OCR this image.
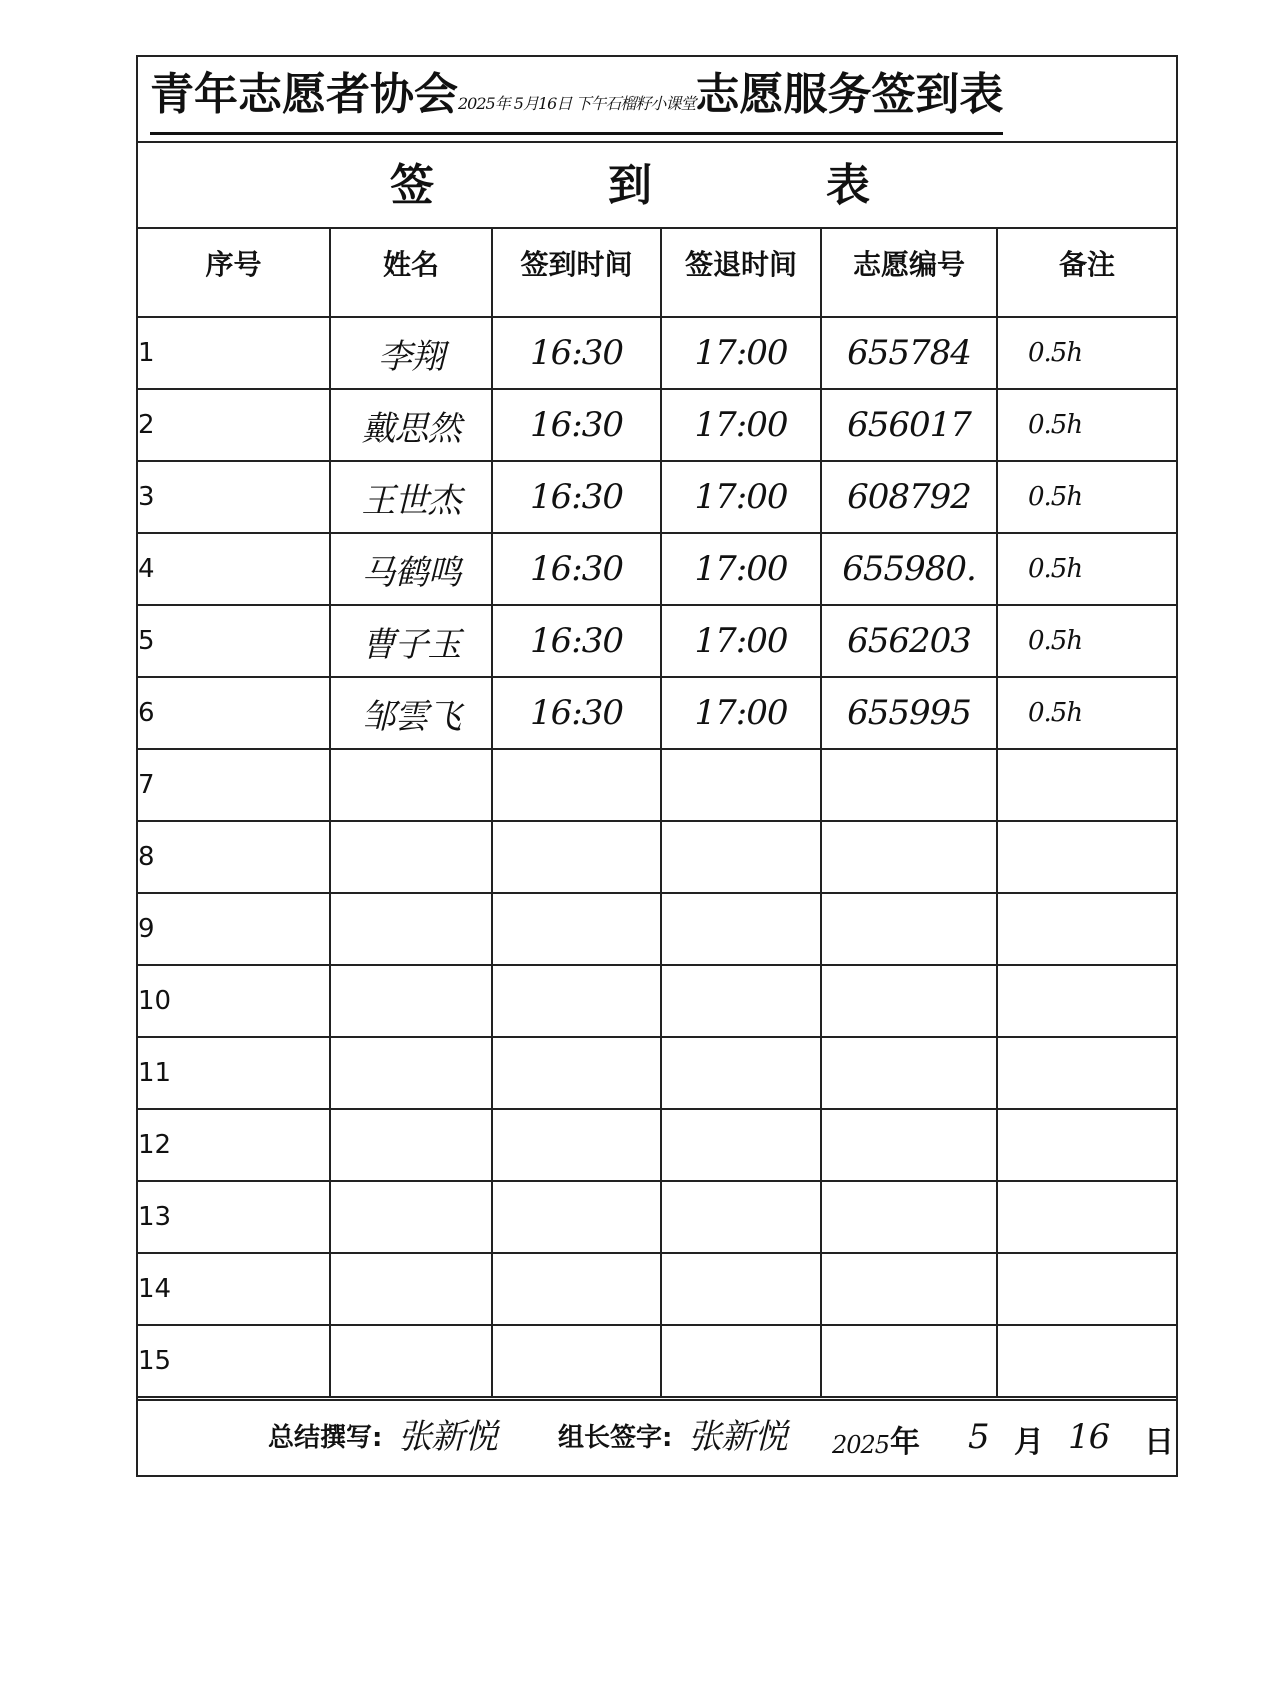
青年志愿者协会2025年 5月16日 下午石榴籽小课堂志愿服务签到表
签	到	表
序号	姓名	签到时间	签退时间	志愿编号	备注
1	李翔	16:30	17:00	655784	0.5h
2	戴思然	16:30	17:00	656017	0.5h
3	王世杰	16:30	17:00	608792	0.5h
4	马鹤鸣	16:30	17:00	655980.	0.5h
5	曹子玉	16:30	17:00	656203	0.5h
6	邹雲飞	16:30	17:00	655995	0.5h
7					
8					
9					
10					
11					
12					
13					
14					
15					
总结撰写: 张新悦 组长签字: 张新悦 2025 年 5 月 16 日
